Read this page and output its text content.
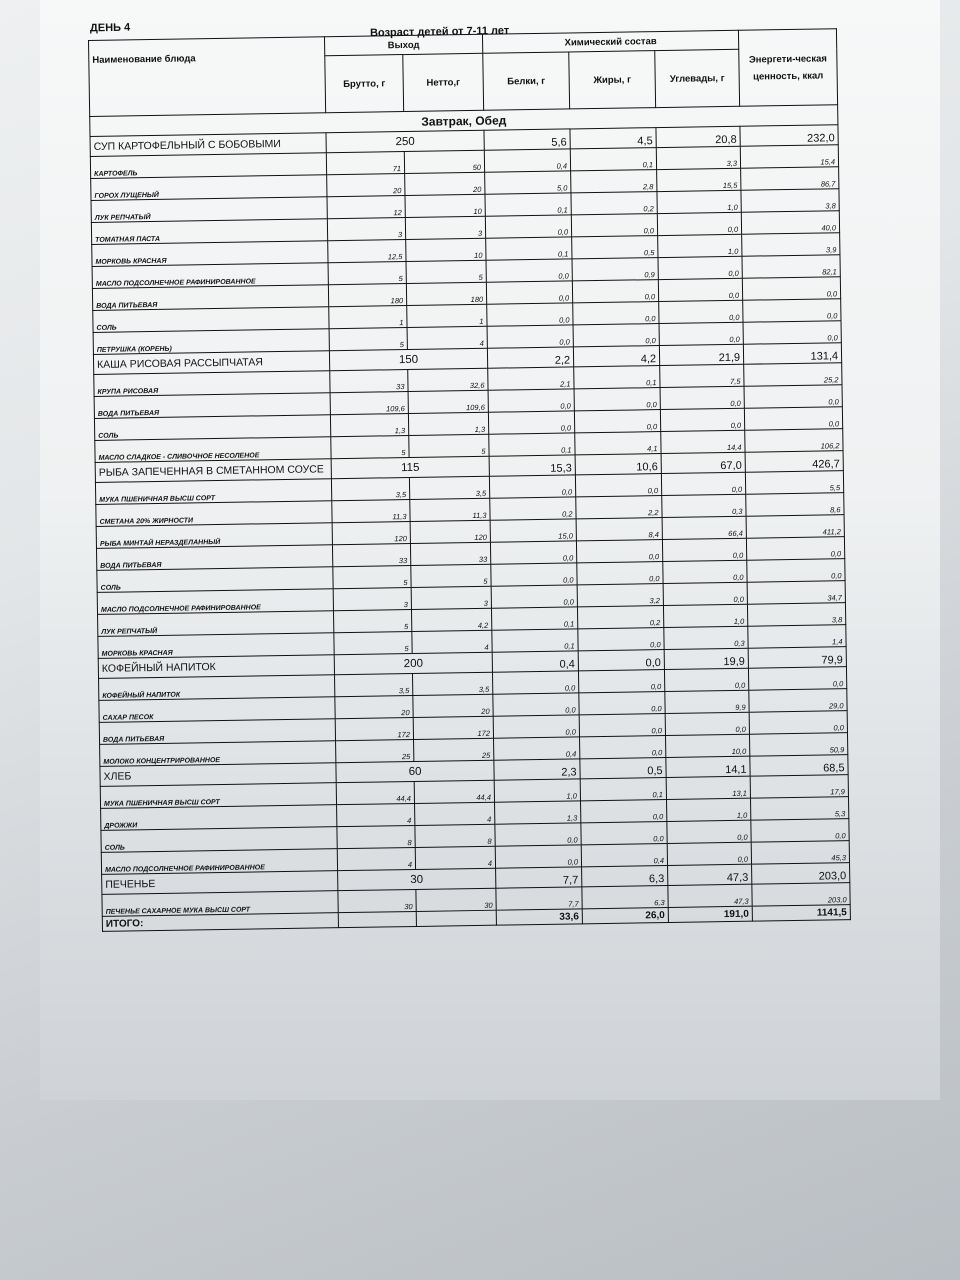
ДЕНЬ 4	Возраст детей от 7-11 лет
Наименование блюда	Выход		Химический состав			Энергети-ческая ценность, ккал
	Брутто, г	Нетто,г	Белки, г	Жиры, г	Углевады, г	
Завтрак, Обед						
СУП КАРТОФЕЛЬНЫЙ С БОБОВЫМИ	250		5,6	4,5	20,8	232,0
КАРТОФЕЛЬ	71	50	0,4	0,1	3,3	15,4
ГОРОХ ЛУЩЕНЫЙ	20	20	5,0	2,8	15,5	86,7
ЛУК РЕПЧАТЫЙ	12	10	0,1	0,2	1,0	3,8
ТОМАТНАЯ ПАСТА	3	3	0,0	0,0	0,0	40,0
МОРКОВЬ КРАСНАЯ	12,5	10	0,1	0,5	1,0	3,9
МАСЛО ПОДСОЛНЕЧНОЕ РАФИНИРОВАННОЕ	5	5	0,0	0,9	0,0	82,1
ВОДА ПИТЬЕВАЯ	180	180	0,0	0,0	0,0	0,0
СОЛЬ	1	1	0,0	0,0	0,0	0,0
ПЕТРУШКА (КОРЕНЬ)	5	4	0,0	0,0	0,0	0,0
КАША РИСОВАЯ РАССЫПЧАТАЯ	150		2,2	4,2	21,9	131,4
КРУПА РИСОВАЯ	33	32,6	2,1	0,1	7,5	25,2
ВОДА ПИТЬЕВАЯ	109,6	109,6	0,0	0,0	0,0	0,0
СОЛЬ	1,3	1,3	0,0	0,0	0,0	0,0
МАСЛО СЛАДКОЕ - СЛИВОЧНОЕ НЕСОЛЕНОЕ	5	5	0,1	4,1	14,4	106,2
РЫБА ЗАПЕЧЕННАЯ В СМЕТАННОМ СОУСЕ	115		15,3	10,6	67,0	426,7
МУКА ПШЕНИЧНАЯ ВЫСШ СОРТ	3,5	3,5	0,0	0,0	0,0	5,5
СМЕТАНА 20% ЖИРНОСТИ	11,3	11,3	0,2	2,2	0,3	8,6
РЫБА МИНТАЙ НЕРАЗДЕЛАННЫЙ	120	120	15,0	8,4	66,4	411,2
ВОДА ПИТЬЕВАЯ	33	33	0,0	0,0	0,0	0,0
СОЛЬ	5	5	0,0	0,0	0,0	0,0
МАСЛО ПОДСОЛНЕЧНОЕ РАФИНИРОВАННОЕ	3	3	0,0	3,2	0,0	34,7
ЛУК РЕПЧАТЫЙ	5	4,2	0,1	0,2	1,0	3,8
МОРКОВЬ КРАСНАЯ	5	4	0,1	0,0	0,3	1,4
КОФЕЙНЫЙ НАПИТОК	200		0,4	0,0	19,9	79,9
КОФЕЙНЫЙ НАПИТОК	3,5	3,5	0,0	0,0	0,0	0,0
САХАР ПЕСОК	20	20	0,0	0,0	9,9	29,0
ВОДА ПИТЬЕВАЯ	172	172	0,0	0,0	0,0	0,0
МОЛОКО КОНЦЕНТРИРОВАННОЕ	25	25	0,4	0,0	10,0	50,9
ХЛЕБ	60		2,3	0,5	14,1	68,5
МУКА ПШЕНИЧНАЯ ВЫСШ СОРТ	44,4	44,4	1,0	0,1	13,1	17,9
ДРОЖЖИ	4	4	1,3	0,0	1,0	5,3
СОЛЬ	8	8	0,0	0,0	0,0	0,0
МАСЛО ПОДСОЛНЕЧНОЕ РАФИНИРОВАННОЕ	4	4	0,0	0,4	0,0	45,3
ПЕЧЕНЬЕ	30		7,7	6,3	47,3	203,0
ПЕЧЕНЬЕ САХАРНОЕ МУКА ВЫСШ СОРТ	30	30	7,7	6,3	47,3	203,0
ИТОГО:			33,6	26,0	191,0	1141,5
